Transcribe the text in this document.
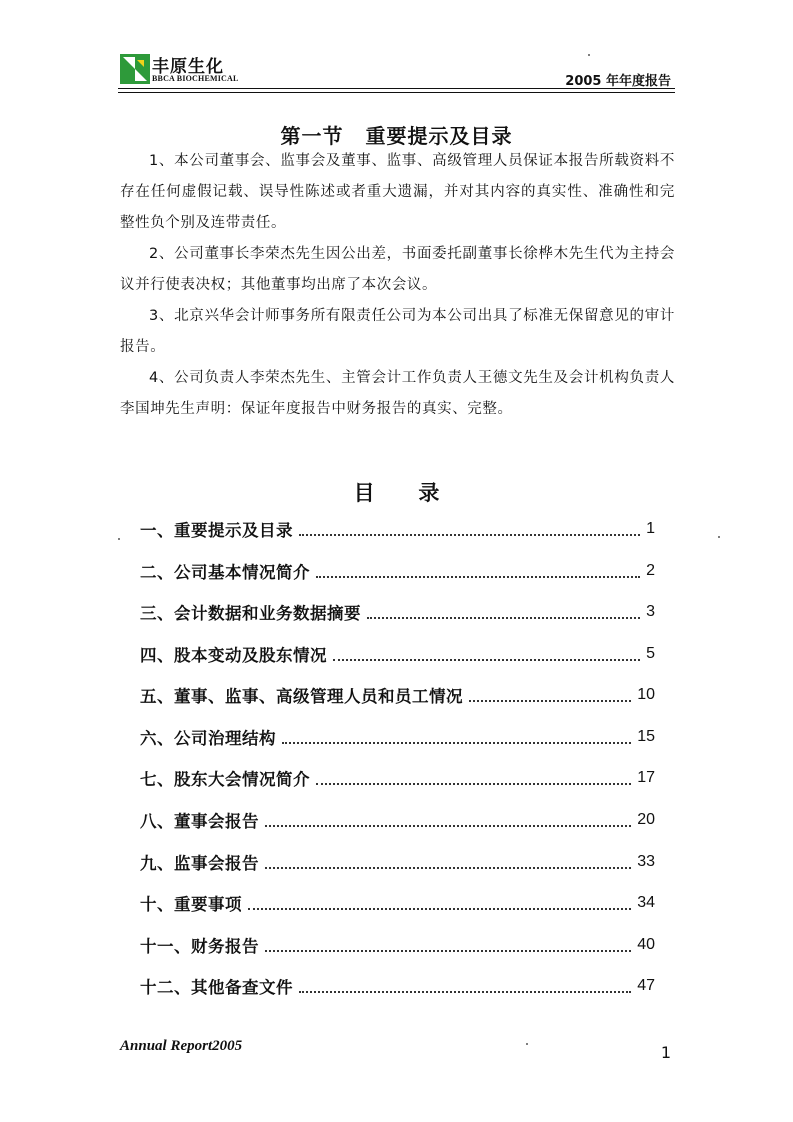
丰原生化
BBCA BIOCHEMICAL	2005 年年度报告
第一节 重要提示及目录

1、本公司董事会、监事会及董事、监事、高级管理人员保证本报告所载资料不存在任何虚假记载、误导性陈述或者重大遗漏，并对其内容的真实性、准确性和完整性负个别及连带责任。

2、公司董事长李荣杰先生因公出差，书面委托副董事长徐桦木先生代为主持会议并行使表决权；其他董事均出席了本次会议。

3、北京兴华会计师事务所有限责任公司为本公司出具了标准无保留意见的审计报告。

4、公司负责人李荣杰先生、主管会计工作负责人王德文先生及会计机构负责人李国坤先生声明：保证年度报告中财务报告的真实、完整。

目      录
一、重要提示及目录	1
二、公司基本情况简介	2
三、会计数据和业务数据摘要	3
四、股本变动及股东情况	5
五、董事、监事、高级管理人员和员工情况	10
六、公司治理结构	15
七、股东大会情况简介	17
八、董事会报告	20
九、监事会报告	33
十、重要事项	34
十一、财务报告	40
十二、其他备查文件	47
Annual Report2005	1
